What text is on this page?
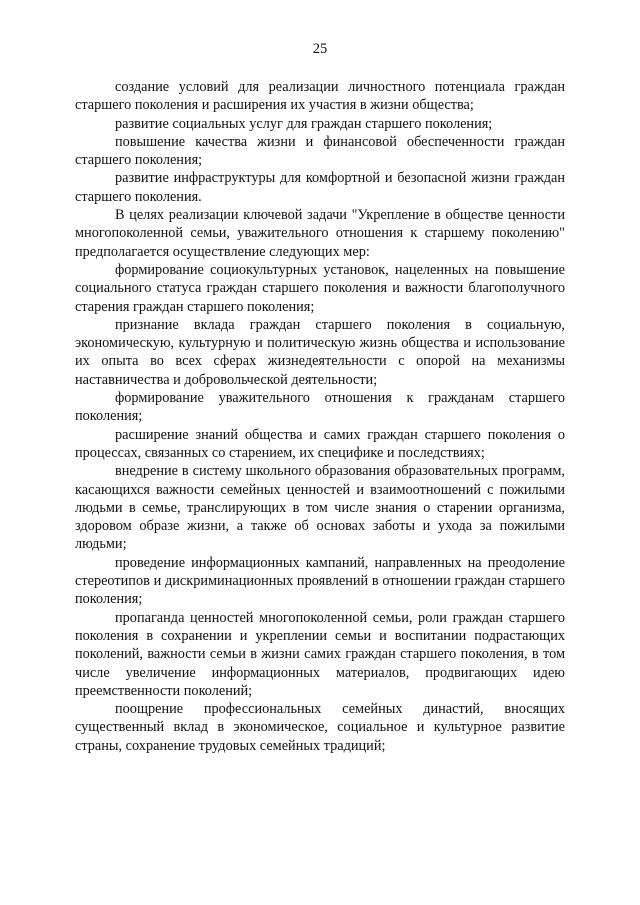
25

создание условий для реализации личностного потенциала граждан старшего поколения и расширения их участия в жизни общества;

развитие социальных услуг для граждан старшего поколения;

повышение качества жизни и финансовой обеспеченности граждан старшего поколения;

развитие инфраструктуры для комфортной и безопасной жизни граждан старшего поколения.

В целях реализации ключевой задачи "Укрепление в обществе ценности многопоколенной семьи, уважительного отношения к старшему поколению" предполагается осуществление следующих мер:

формирование социокультурных установок, нацеленных на повышение социального статуса граждан старшего поколения и важности благополучного старения граждан старшего поколения;

признание вклада граждан старшего поколения в социальную, экономическую, культурную и политическую жизнь общества и использование их опыта во всех сферах жизнедеятельности с опорой на механизмы наставничества и добровольческой деятельности;

формирование уважительного отношения к гражданам старшего поколения;

расширение знаний общества и самих граждан старшего поколения о процессах, связанных со старением, их специфике и последствиях;

внедрение в систему школьного образования образовательных программ, касающихся важности семейных ценностей и взаимоотношений с пожилыми людьми в семье, транслирующих в том числе знания о старении организма, здоровом образе жизни, а также об основах заботы и ухода за пожилыми людьми;

проведение информационных кампаний, направленных на преодоление стереотипов и дискриминационных проявлений в отношении граждан старшего поколения;

пропаганда ценностей многопоколенной семьи, роли граждан старшего поколения в сохранении и укреплении семьи и воспитании подрастающих поколений, важности семьи в жизни самих граждан старшего поколения, в том числе увеличение информационных материалов, продвигающих идею преемственности поколений;

поощрение профессиональных семейных династий, вносящих существенный вклад в экономическое, социальное и культурное развитие страны, сохранение трудовых семейных традиций;
